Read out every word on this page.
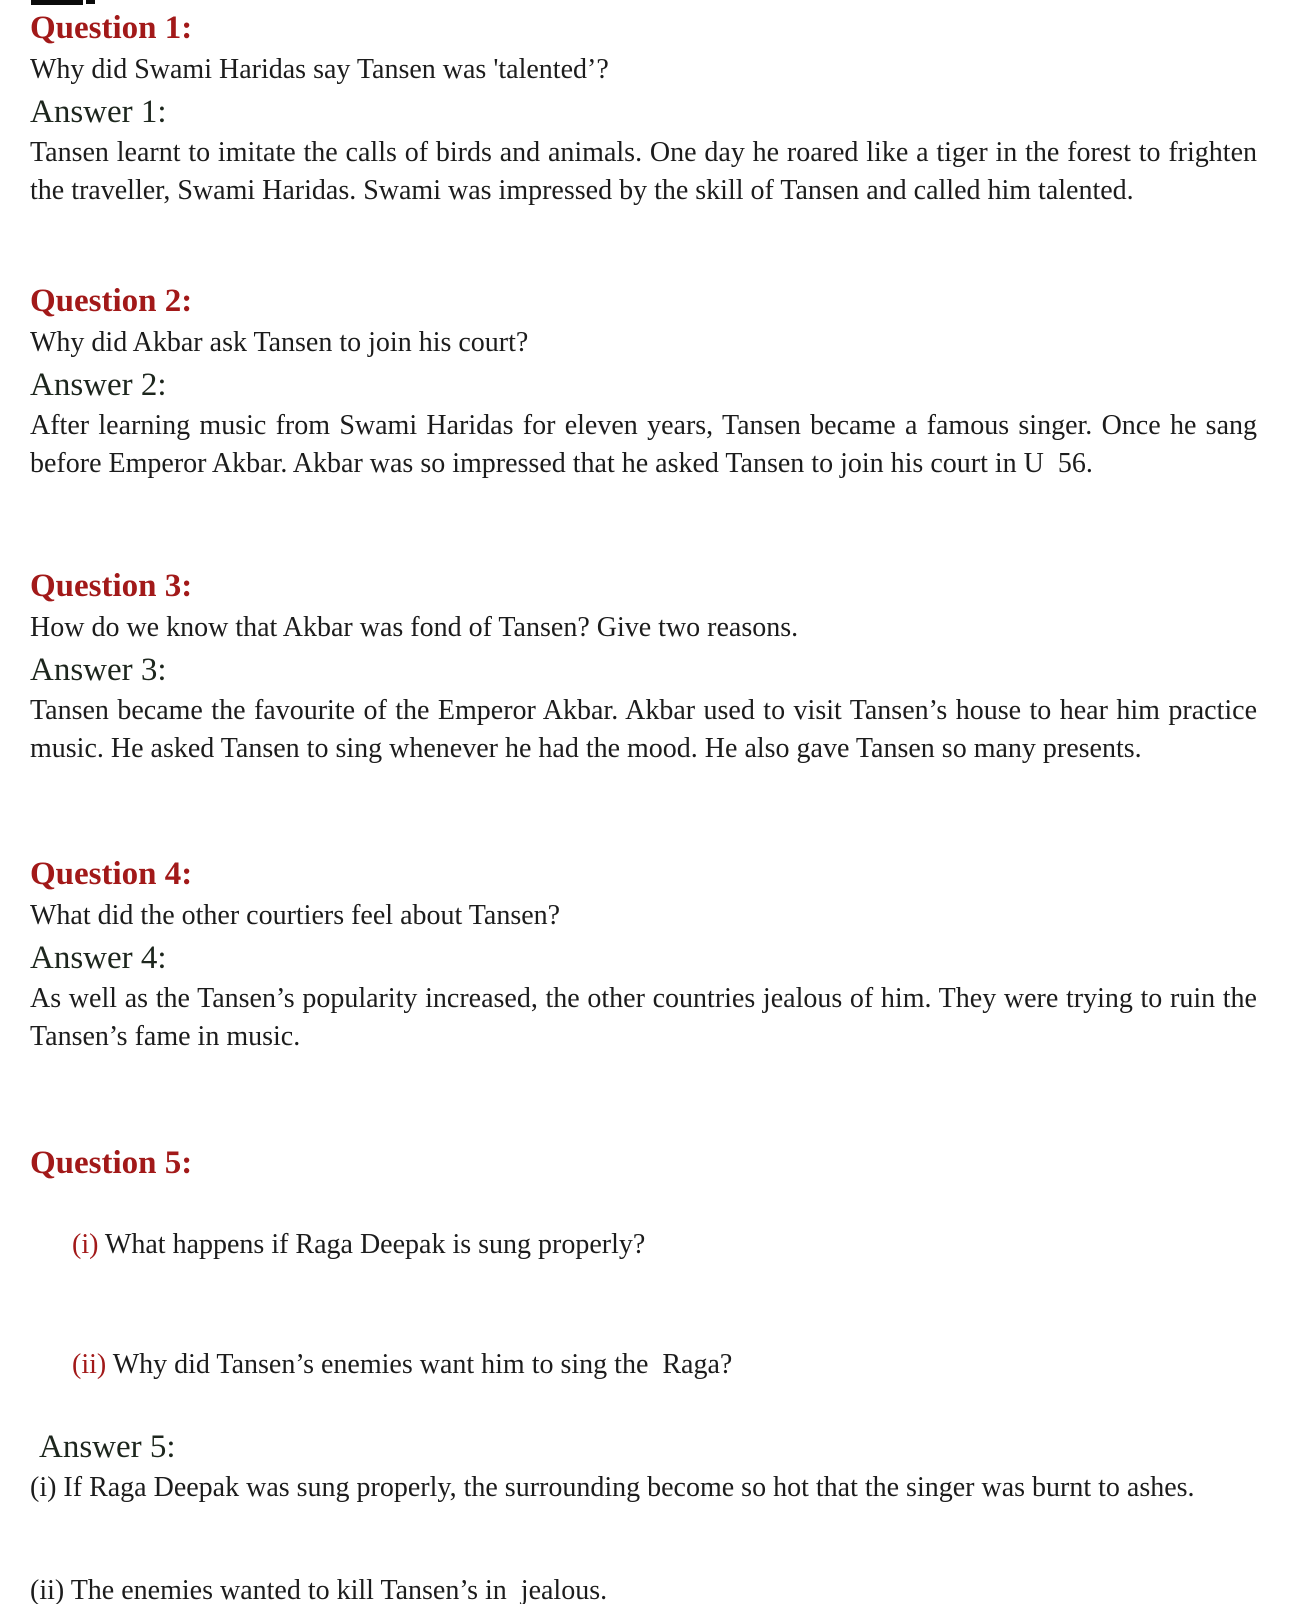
Question 1:
Why did Swami Haridas say Tansen was 'talented’?
Answer 1:

Tansen learnt to imitate the calls of birds and animals. One day he roared like a tiger in the forest to frighten the traveller, Swami Haridas. Swami was impressed by the skill of Tansen and called him talented.

Question 2:
Why did Akbar ask Tansen to join his court?
Answer 2:

After learning music from Swami Haridas for eleven years, Tansen became a famous singer. Once he sang before Emperor Akbar. Akbar was so impressed that he asked Tansen to join his court in U  56.

Question 3:
How do we know that Akbar was fond of Tansen? Give two reasons.
Answer 3:

Tansen became the favourite of the Emperor Akbar. Akbar used to visit Tansen’s house to hear him practice music. He asked Tansen to sing whenever he had the mood. He also gave Tansen so many presents.

Question 4:
What did the other courtiers feel about Tansen?
Answer 4:

As well as the Tansen’s popularity increased, the other countries jealous of him. They were trying to ruin the Tansen’s fame in music.

Question 5:

(i) What happens if Raga Deepak is sung properly?

(ii) Why did Tansen’s enemies want him to sing the  Raga?

Answer 5:

(i) If Raga Deepak was sung properly, the surrounding become so hot that the singer was burnt to ashes.

(ii) The enemies wanted to kill Tansen’s in  jealous.
